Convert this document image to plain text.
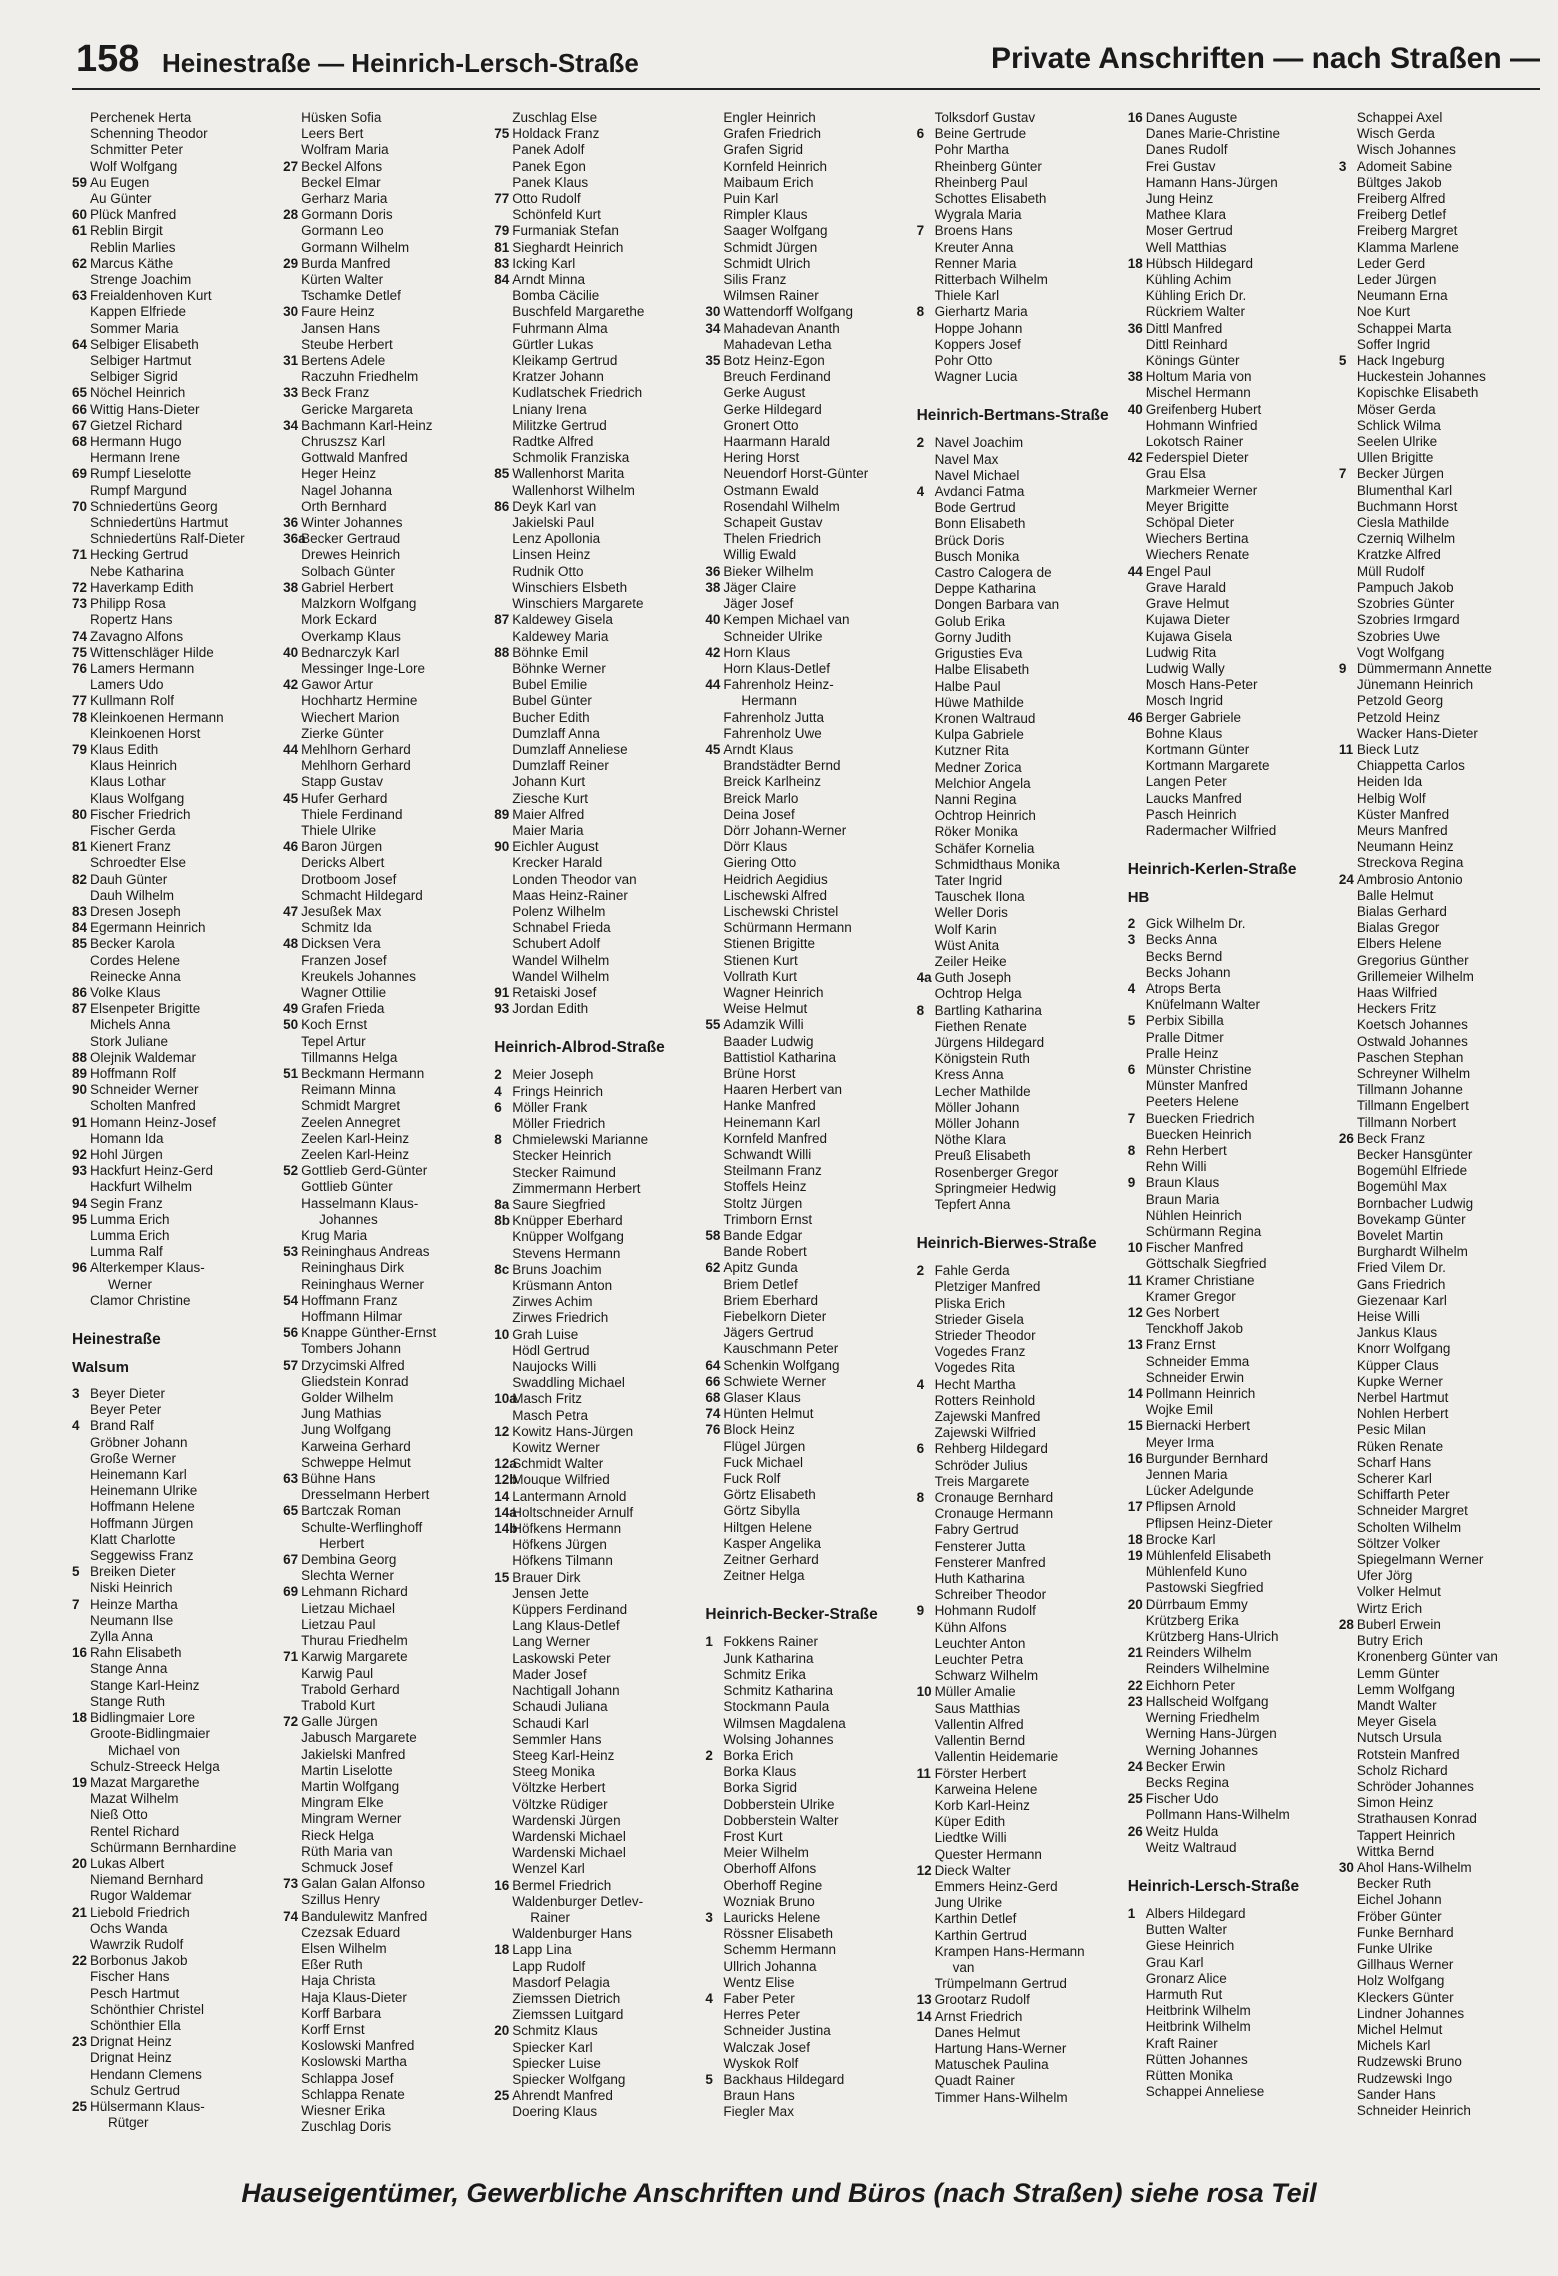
158 Heinestraße — Heinrich-Lersch-Straße	Private Anschriften — nach Straßen —
Perchenek Herta
Schenning Theodor
Schmitter Peter
Wolf Wolfgang
59 Au Eugen
Au Günter
60 Plück Manfred
61 Reblin Birgit
Reblin Marlies
62 Marcus Käthe
Strenge Joachim
63 Freialdenhoven Kurt
Kappen Elfriede
Sommer Maria
64 Selbiger Elisabeth
Selbiger Hartmut
Selbiger Sigrid
65 Nöchel Heinrich
66 Wittig Hans-Dieter
67 Gietzel Richard
68 Hermann Hugo
Hermann Irene
69 Rumpf Lieselotte
Rumpf Margund
70 Schniedertüns Georg
Schniedertüns Hartmut
Schniedertüns Ralf-Dieter
71 Hecking Gertrud
Nebe Katharina
72 Haverkamp Edith
73 Philipp Rosa
Ropertz Hans
74 Zavagno Alfons
75 Wittenschläger Hilde
76 Lamers Hermann
Lamers Udo
77 Kullmann Rolf
78 Kleinkoenen Hermann
Kleinkoenen Horst
79 Klaus Edith
Klaus Heinrich
Klaus Lothar
Klaus Wolfgang
80 Fischer Friedrich
Fischer Gerda
81 Kienert Franz
Schroedter Else
82 Dauh Günter
Dauh Wilhelm
83 Dresen Joseph
84 Egermann Heinrich
85 Becker Karola
Cordes Helene
Reinecke Anna
86 Volke Klaus
87 Elsenpeter Brigitte
Michels Anna
Stork Juliane
88 Olejnik Waldemar
89 Hoffmann Rolf
90 Schneider Werner
Scholten Manfred
91 Homann Heinz-Josef
Homann Ida
92 Hohl Jürgen
93 Hackfurt Heinz-Gerd
Hackfurt Wilhelm
94 Segin Franz
95 Lumma Erich
Lumma Erich
Lumma Ralf
96 Alterkemper Klaus-
Werner
Clamor Christine
Heinestraße
Walsum
3 Beyer Dieter
Beyer Peter
4 Brand Ralf
Gröbner Johann
Große Werner
Heinemann Karl
Heinemann Ulrike
Hoffmann Helene
Hoffmann Jürgen
Klatt Charlotte
Seggewiss Franz
5 Breiken Dieter
Niski Heinrich
7 Heinze Martha
Neumann Ilse
Zylla Anna
16 Rahn Elisabeth
Stange Anna
Stange Karl-Heinz
Stange Ruth
18 Bidlingmaier Lore
Groote-Bidlingmaier
Michael von
Schulz-Streeck Helga
19 Mazat Margarethe
Mazat Wilhelm
Nieß Otto
Rentel Richard
Schürmann Bernhardine
20 Lukas Albert
Niemand Bernhard
Rugor Waldemar
21 Liebold Friedrich
Ochs Wanda
Wawrzik Rudolf
22 Borbonus Jakob
Fischer Hans
Pesch Hartmut
Schönthier Christel
Schönthier Ella
23 Drignat Heinz
Drignat Heinz
Hendann Clemens
Schulz Gertrud
25 Hülsermann Klaus-
Rütger
Hüsken Sofia
Leers Bert
Wolfram Maria
27 Beckel Alfons
Beckel Elmar
Gerharz Maria
28 Gormann Doris
Gormann Leo
Gormann Wilhelm
29 Burda Manfred
Kürten Walter
Tschamke Detlef
30 Faure Heinz
Jansen Hans
Steube Herbert
31 Bertens Adele
Raczuhn Friedhelm
33 Beck Franz
Gericke Margareta
34 Bachmann Karl-Heinz
Chruszsz Karl
Gottwald Manfred
Heger Heinz
Nagel Johanna
Orth Bernhard
36 Winter Johannes
36aBecker Gertraud
Drewes Heinrich
Solbach Günter
38 Gabriel Herbert
Malzkorn Wolfgang
Mork Eckard
Overkamp Klaus
40 Bednarczyk Karl
Messinger Inge-Lore
42 Gawor Artur
Hochhartz Hermine
Wiechert Marion
Zierke Günter
44 Mehlhorn Gerhard
Mehlhorn Gerhard
Stapp Gustav
45 Hufer Gerhard
Thiele Ferdinand
Thiele Ulrike
46 Baron Jürgen
Dericks Albert
Drotboom Josef
Schmacht Hildegard
47 Jesußek Max
Schmitz Ida
48 Dicksen Vera
Franzen Josef
Kreukels Johannes
Wagner Ottilie
49 Grafen Frieda
50 Koch Ernst
Tepel Artur
Tillmanns Helga
51 Beckmann Hermann
Reimann Minna
Schmidt Margret
Zeelen Annegret
Zeelen Karl-Heinz
Zeelen Karl-Heinz
52 Gottlieb Gerd-Günter
Gottlieb Günter
Hasselmann Klaus-
Johannes
Krug Maria
53 Reininghaus Andreas
Reininghaus Dirk
Reininghaus Werner
54 Hoffmann Franz
Hoffmann Hilmar
56 Knappe Günther-Ernst
Tombers Johann
57 Drzycimski Alfred
Gliedstein Konrad
Golder Wilhelm
Jung Mathias
Jung Wolfgang
Karweina Gerhard
Schweppe Helmut
63 Bühne Hans
Dresselmann Herbert
65 Bartczak Roman
Schulte-Werflinghoff
Herbert
67 Dembina Georg
Slechta Werner
69 Lehmann Richard
Lietzau Michael
Lietzau Paul
Thurau Friedhelm
71 Karwig Margarete
Karwig Paul
Trabold Gerhard
Trabold Kurt
72 Galle Jürgen
Jabusch Margarete
Jakielski Manfred
Martin Liselotte
Martin Wolfgang
Mingram Elke
Mingram Werner
Rieck Helga
Rüth Maria van
Schmuck Josef
73 Galan Galan Alfonso
Szillus Henry
74 Bandulewitz Manfred
Czezsak Eduard
Elsen Wilhelm
Eßer Ruth
Haja Christa
Haja Klaus-Dieter
Korff Barbara
Korff Ernst
Koslowski Manfred
Koslowski Martha
Schlappa Josef
Schlappa Renate
Wiesner Erika
Zuschlag Doris
Zuschlag Else
75 Holdack Franz
Panek Adolf
Panek Egon
Panek Klaus
77 Otto Rudolf
Schönfeld Kurt
79 Furmaniak Stefan
81 Sieghardt Heinrich
83 Icking Karl
84 Arndt Minna
Bomba Cäcilie
Buschfeld Margarethe
Fuhrmann Alma
Gürtler Lukas
Kleikamp Gertrud
Kratzer Johann
Kudlatschek Friedrich
Lniany Irena
Militzke Gertrud
Radtke Alfred
Schmolik Franziska
85 Wallenhorst Marita
Wallenhorst Wilhelm
86 Deyk Karl van
Jakielski Paul
Lenz Apollonia
Linsen Heinz
Rudnik Otto
Winschiers Elsbeth
Winschiers Margarete
87 Kaldewey Gisela
Kaldewey Maria
88 Böhnke Emil
Böhnke Werner
Bubel Emilie
Bubel Günter
Bucher Edith
Dumzlaff Anna
Dumzlaff Anneliese
Dumzlaff Reiner
Johann Kurt
Ziesche Kurt
89 Maier Alfred
Maier Maria
90 Eichler August
Krecker Harald
Londen Theodor van
Maas Heinz-Rainer
Polenz Wilhelm
Schnabel Frieda
Schubert Adolf
Wandel Wilhelm
Wandel Wilhelm
91 Retaiski Josef
93 Jordan Edith
Heinrich-Albrod-Straße
2 Meier Joseph
4 Frings Heinrich
6 Möller Frank
Möller Friedrich
8 Chmielewski Marianne
Stecker Heinrich
Stecker Raimund
Zimmermann Herbert
8a Saure Siegfried
8b Knüpper Eberhard
Knüpper Wolfgang
Stevens Hermann
8c Bruns Joachim
Krüsmann Anton
Zirwes Achim
Zirwes Friedrich
10 Grah Luise
Hödl Gertrud
Naujocks Willi
Swaddling Michael
10aMasch Fritz
Masch Petra
12 Kowitz Hans-Jürgen
Kowitz Werner
12aSchmidt Walter
12bMouque Wilfried
14 Lantermann Arnold
14aHoltschneider Arnulf
14bHöfkens Hermann
Höfkens Jürgen
Höfkens Tilmann
15 Brauer Dirk
Jensen Jette
Küppers Ferdinand
Lang Klaus-Detlef
Lang Werner
Laskowski Peter
Mader Josef
Nachtigall Johann
Schaudi Juliana
Schaudi Karl
Semmler Hans
Steeg Karl-Heinz
Steeg Monika
Völtzke Herbert
Völtzke Rüdiger
Wardenski Jürgen
Wardenski Michael
Wardenski Michael
Wenzel Karl
16 Bermel Friedrich
Waldenburger Detlev-
Rainer
Waldenburger Hans
18 Lapp Lina
Lapp Rudolf
Masdorf Pelagia
Ziemssen Dietrich
Ziemssen Luitgard
20 Schmitz Klaus
Spiecker Karl
Spiecker Luise
Spiecker Wolfgang
25 Ahrendt Manfred
Doering Klaus
Engler Heinrich
Grafen Friedrich
Grafen Sigrid
Kornfeld Heinrich
Maibaum Erich
Puin Karl
Rimpler Klaus
Saager Wolfgang
Schmidt Jürgen
Schmidt Ulrich
Silis Franz
Wilmsen Rainer
30 Wattendorff Wolfgang
34 Mahadevan Ananth
Mahadevan Letha
35 Botz Heinz-Egon
Breuch Ferdinand
Gerke August
Gerke Hildegard
Gronert Otto
Haarmann Harald
Hering Horst
Neuendorf Horst-Günter
Ostmann Ewald
Rosendahl Wilhelm
Schapeit Gustav
Thelen Friedrich
Willig Ewald
36 Bieker Wilhelm
38 Jäger Claire
Jäger Josef
40 Kempen Michael van
Schneider Ulrike
42 Horn Klaus
Horn Klaus-Detlef
44 Fahrenholz Heinz-
Hermann
Fahrenholz Jutta
Fahrenholz Uwe
45 Arndt Klaus
Brandstädter Bernd
Breick Karlheinz
Breick Marlo
Deina Josef
Dörr Johann-Werner
Dörr Klaus
Giering Otto
Heidrich Aegidius
Lischewski Alfred
Lischewski Christel
Schürmann Hermann
Stienen Brigitte
Stienen Kurt
Vollrath Kurt
Wagner Heinrich
Weise Helmut
55 Adamzik Willi
Baader Ludwig
Battistiol Katharina
Brüne Horst
Haaren Herbert van
Hanke Manfred
Heinemann Karl
Kornfeld Manfred
Schwandt Willi
Steilmann Franz
Stoffels Heinz
Stoltz Jürgen
Trimborn Ernst
58 Bande Edgar
Bande Robert
62 Apitz Gunda
Briem Detlef
Briem Eberhard
Fiebelkorn Dieter
Jägers Gertrud
Kauschmann Peter
64 Schenkin Wolfgang
66 Schwiete Werner
68 Glaser Klaus
74 Hünten Helmut
76 Block Heinz
Flügel Jürgen
Fuck Michael
Fuck Rolf
Görtz Elisabeth
Görtz Sibylla
Hiltgen Helene
Kasper Angelika
Zeitner Gerhard
Zeitner Helga
Heinrich-Becker-Straße
1 Fokkens Rainer
Junk Katharina
Schmitz Erika
Schmitz Katharina
Stockmann Paula
Wilmsen Magdalena
Wolsing Johannes
2 Borka Erich
Borka Klaus
Borka Sigrid
Dobberstein Ulrike
Dobberstein Walter
Frost Kurt
Meier Wilhelm
Oberhoff Alfons
Oberhoff Regine
Wozniak Bruno
3 Lauricks Helene
Rössner Elisabeth
Schemm Hermann
Ullrich Johanna
Wentz Elise
4 Faber Peter
Herres Peter
Schneider Justina
Walczak Josef
Wyskok Rolf
5 Backhaus Hildegard
Braun Hans
Fiegler Max
Tolksdorf Gustav
6 Beine Gertrude
Pohr Martha
Rheinberg Günter
Rheinberg Paul
Schottes Elisabeth
Wygrala Maria
7 Broens Hans
Kreuter Anna
Renner Maria
Ritterbach Wilhelm
Thiele Karl
8 Gierhartz Maria
Hoppe Johann
Koppers Josef
Pohr Otto
Wagner Lucia
Heinrich-Bertmans-Straße
2 Navel Joachim
Navel Max
Navel Michael
4 Avdanci Fatma
Bode Gertrud
Bonn Elisabeth
Brück Doris
Busch Monika
Castro Calogera de
Deppe Katharina
Dongen Barbara van
Golub Erika
Gorny Judith
Grigusties Eva
Halbe Elisabeth
Halbe Paul
Hüwe Mathilde
Kronen Waltraud
Kulpa Gabriele
Kutzner Rita
Medner Zorica
Melchior Angela
Nanni Regina
Ochtrop Heinrich
Röker Monika
Schäfer Kornelia
Schmidthaus Monika
Tater Ingrid
Tauschek Ilona
Weller Doris
Wolf Karin
Wüst Anita
Zeiler Heike
4a Guth Joseph
Ochtrop Helga
8 Bartling Katharina
Fiethen Renate
Jürgens Hildegard
Königstein Ruth
Kress Anna
Lecher Mathilde
Möller Johann
Möller Johann
Nöthe Klara
Preuß Elisabeth
Rosenberger Gregor
Springmeier Hedwig
Tepfert Anna
Heinrich-Bierwes-Straße
2 Fahle Gerda
Pletziger Manfred
Pliska Erich
Strieder Gisela
Strieder Theodor
Vogedes Franz
Vogedes Rita
4 Hecht Martha
Rotters Reinhold
Zajewski Manfred
Zajewski Wilfried
6 Rehberg Hildegard
Schröder Julius
Treis Margarete
8 Cronauge Bernhard
Cronauge Hermann
Fabry Gertrud
Fensterer Jutta
Fensterer Manfred
Huth Katharina
Schreiber Theodor
9 Hohmann Rudolf
Kühn Alfons
Leuchter Anton
Leuchter Petra
Schwarz Wilhelm
10 Müller Amalie
Saus Matthias
Vallentin Alfred
Vallentin Bernd
Vallentin Heidemarie
11 Förster Herbert
Karweina Helene
Korb Karl-Heinz
Küper Edith
Liedtke Willi
Quester Hermann
12 Dieck Walter
Emmers Heinz-Gerd
Jung Ulrike
Karthin Detlef
Karthin Gertrud
Krampen Hans-Hermann
van
Trümpelmann Gertrud
13 Grootarz Rudolf
14 Arnst Friedrich
Danes Helmut
Hartung Hans-Werner
Matuschek Paulina
Quadt Rainer
Timmer Hans-Wilhelm
16 Danes Auguste
Danes Marie-Christine
Danes Rudolf
Frei Gustav
Hamann Hans-Jürgen
Jung Heinz
Mathee Klara
Moser Gertrud
Well Matthias
18 Hübsch Hildegard
Kühling Achim
Kühling Erich Dr.
Rückriem Walter
36 Dittl Manfred
Dittl Reinhard
Könings Günter
38 Holtum Maria von
Mischel Hermann
40 Greifenberg Hubert
Hohmann Winfried
Lokotsch Rainer
42 Federspiel Dieter
Grau Elsa
Markmeier Werner
Meyer Brigitte
Schöpal Dieter
Wiechers Bertina
Wiechers Renate
44 Engel Paul
Grave Harald
Grave Helmut
Kujawa Dieter
Kujawa Gisela
Ludwig Rita
Ludwig Wally
Mosch Hans-Peter
Mosch Ingrid
46 Berger Gabriele
Bohne Klaus
Kortmann Günter
Kortmann Margarete
Langen Peter
Laucks Manfred
Pasch Heinrich
Radermacher Wilfried
Heinrich-Kerlen-Straße
HB
2 Gick Wilhelm Dr.
3 Becks Anna
Becks Bernd
Becks Johann
4 Atrops Berta
Knüfelmann Walter
5 Perbix Sibilla
Pralle Ditmer
Pralle Heinz
6 Münster Christine
Münster Manfred
Peeters Helene
7 Buecken Friedrich
Buecken Heinrich
8 Rehn Herbert
Rehn Willi
9 Braun Klaus
Braun Maria
Nühlen Heinrich
Schürmann Regina
10 Fischer Manfred
Göttschalk Siegfried
11 Kramer Christiane
Kramer Gregor
12 Ges Norbert
Tenckhoff Jakob
13 Franz Ernst
Schneider Emma
Schneider Erwin
14 Pollmann Heinrich
Wojke Emil
15 Biernacki Herbert
Meyer Irma
16 Burgunder Bernhard
Jennen Maria
Lücker Adelgunde
17 Pflipsen Arnold
Pflipsen Heinz-Dieter
18 Brocke Karl
19 Mühlenfeld Elisabeth
Mühlenfeld Kuno
Pastowski Siegfried
20 Dürrbaum Emmy
Krützberg Erika
Krützberg Hans-Ulrich
21 Reinders Wilhelm
Reinders Wilhelmine
22 Eichhorn Peter
23 Hallscheid Wolfgang
Werning Friedhelm
Werning Hans-Jürgen
Werning Johannes
24 Becker Erwin
Becks Regina
25 Fischer Udo
Pollmann Hans-Wilhelm
26 Weitz Hulda
Weitz Waltraud
Heinrich-Lersch-Straße
1 Albers Hildegard
Butten Walter
Giese Heinrich
Grau Karl
Gronarz Alice
Harmuth Rut
Heitbrink Wilhelm
Heitbrink Wilhelm
Kraft Rainer
Rütten Johannes
Rütten Monika
Schappei Anneliese
Schappei Axel
Wisch Gerda
Wisch Johannes
3 Adomeit Sabine
Bültges Jakob
Freiberg Alfred
Freiberg Detlef
Freiberg Margret
Klamma Marlene
Leder Gerd
Leder Jürgen
Neumann Erna
Noe Kurt
Schappei Marta
Soffer Ingrid
5 Hack Ingeburg
Huckestein Johannes
Kopischke Elisabeth
Möser Gerda
Schlick Wilma
Seelen Ulrike
Ullen Brigitte
7 Becker Jürgen
Blumenthal Karl
Buchmann Horst
Ciesla Mathilde
Czerniq Wilhelm
Kratzke Alfred
Müll Rudolf
Pampuch Jakob
Szobries Günter
Szobries Irmgard
Szobries Uwe
Vogt Wolfgang
9 Dümmermann Annette
Jünemann Heinrich
Petzold Georg
Petzold Heinz
Wacker Hans-Dieter
11 Bieck Lutz
Chiappetta Carlos
Heiden Ida
Helbig Wolf
Küster Manfred
Meurs Manfred
Neumann Heinz
Streckova Regina
24 Ambrosio Antonio
Balle Helmut
Bialas Gerhard
Bialas Gregor
Elbers Helene
Gregorius Günther
Grillemeier Wilhelm
Haas Wilfried
Heckers Fritz
Koetsch Johannes
Ostwald Johannes
Paschen Stephan
Schreyner Wilhelm
Tillmann Johanne
Tillmann Engelbert
Tillmann Norbert
26 Beck Franz
Becker Hansgünter
Bogemühl Elfriede
Bogemühl Max
Bornbacher Ludwig
Bovekamp Günter
Bovelet Martin
Burghardt Wilhelm
Fried Vilem Dr.
Gans Friedrich
Giezenaar Karl
Heise Willi
Jankus Klaus
Knorr Wolfgang
Küpper Claus
Kupke Werner
Nerbel Hartmut
Nohlen Herbert
Pesic Milan
Rüken Renate
Scharf Hans
Scherer Karl
Schiffarth Peter
Schneider Margret
Scholten Wilhelm
Söltzer Volker
Spiegelmann Werner
Ufer Jörg
Volker Helmut
Wirtz Erich
28 Buberl Erwein
Butry Erich
Kronenberg Günter van
Lemm Günter
Lemm Wolfgang
Mandt Walter
Meyer Gisela
Nutsch Ursula
Rotstein Manfred
Scholz Richard
Schröder Johannes
Simon Heinz
Strathausen Konrad
Tappert Heinrich
Wittka Bernd
30 Ahol Hans-Wilhelm
Becker Ruth
Eichel Johann
Fröber Günter
Funke Bernhard
Funke Ulrike
Gillhaus Werner
Holz Wolfgang
Kleckers Günter
Lindner Johannes
Michel Helmut
Michels Karl
Rudzewski Bruno
Rudzewski Ingo
Sander Hans
Schneider Heinrich
Hauseigentümer, Gewerbliche Anschriften und Büros (nach Straßen) siehe rosa Teil
